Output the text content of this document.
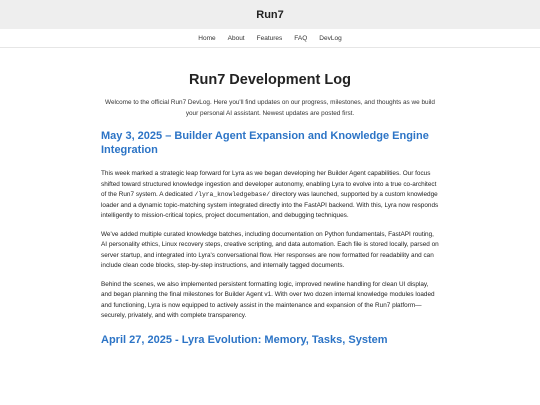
Run7
Home About Features FAQ DevLog
Run7 Development Log

Welcome to the official Run7 DevLog. Here you'll find updates on our progress, milestones, and thoughts as we build your personal AI assistant. Newest updates are posted first.

May 3, 2025 – Builder Agent Expansion and Knowledge Engine Integration

This week marked a strategic leap forward for Lyra as we began developing her Builder Agent capabilities. Our focus shifted toward structured knowledge ingestion and developer autonomy, enabling Lyra to evolve into a true co-architect of the Run7 system. A dedicated /lyra_knowledgebase/ directory was launched, supported by a custom knowledge loader and a dynamic topic-matching system integrated directly into the FastAPI backend. With this, Lyra now responds intelligently to mission-critical topics, project documentation, and debugging techniques.

We've added multiple curated knowledge batches, including documentation on Python fundamentals, FastAPI routing, AI personality ethics, Linux recovery steps, creative scripting, and data automation. Each file is stored locally, parsed on server startup, and integrated into Lyra's conversational flow. Her responses are now formatted for readability and can include clean code blocks, step-by-step instructions, and internally tagged documents.

Behind the scenes, we also implemented persistent formatting logic, improved newline handling for clean UI display, and began planning the final milestones for Builder Agent v1. With over two dozen internal knowledge modules loaded and functioning, Lyra is now equipped to actively assist in the maintenance and expansion of the Run7 platform—securely, privately, and with complete transparency.

April 27, 2025 - Lyra Evolution: Memory, Tasks, System
